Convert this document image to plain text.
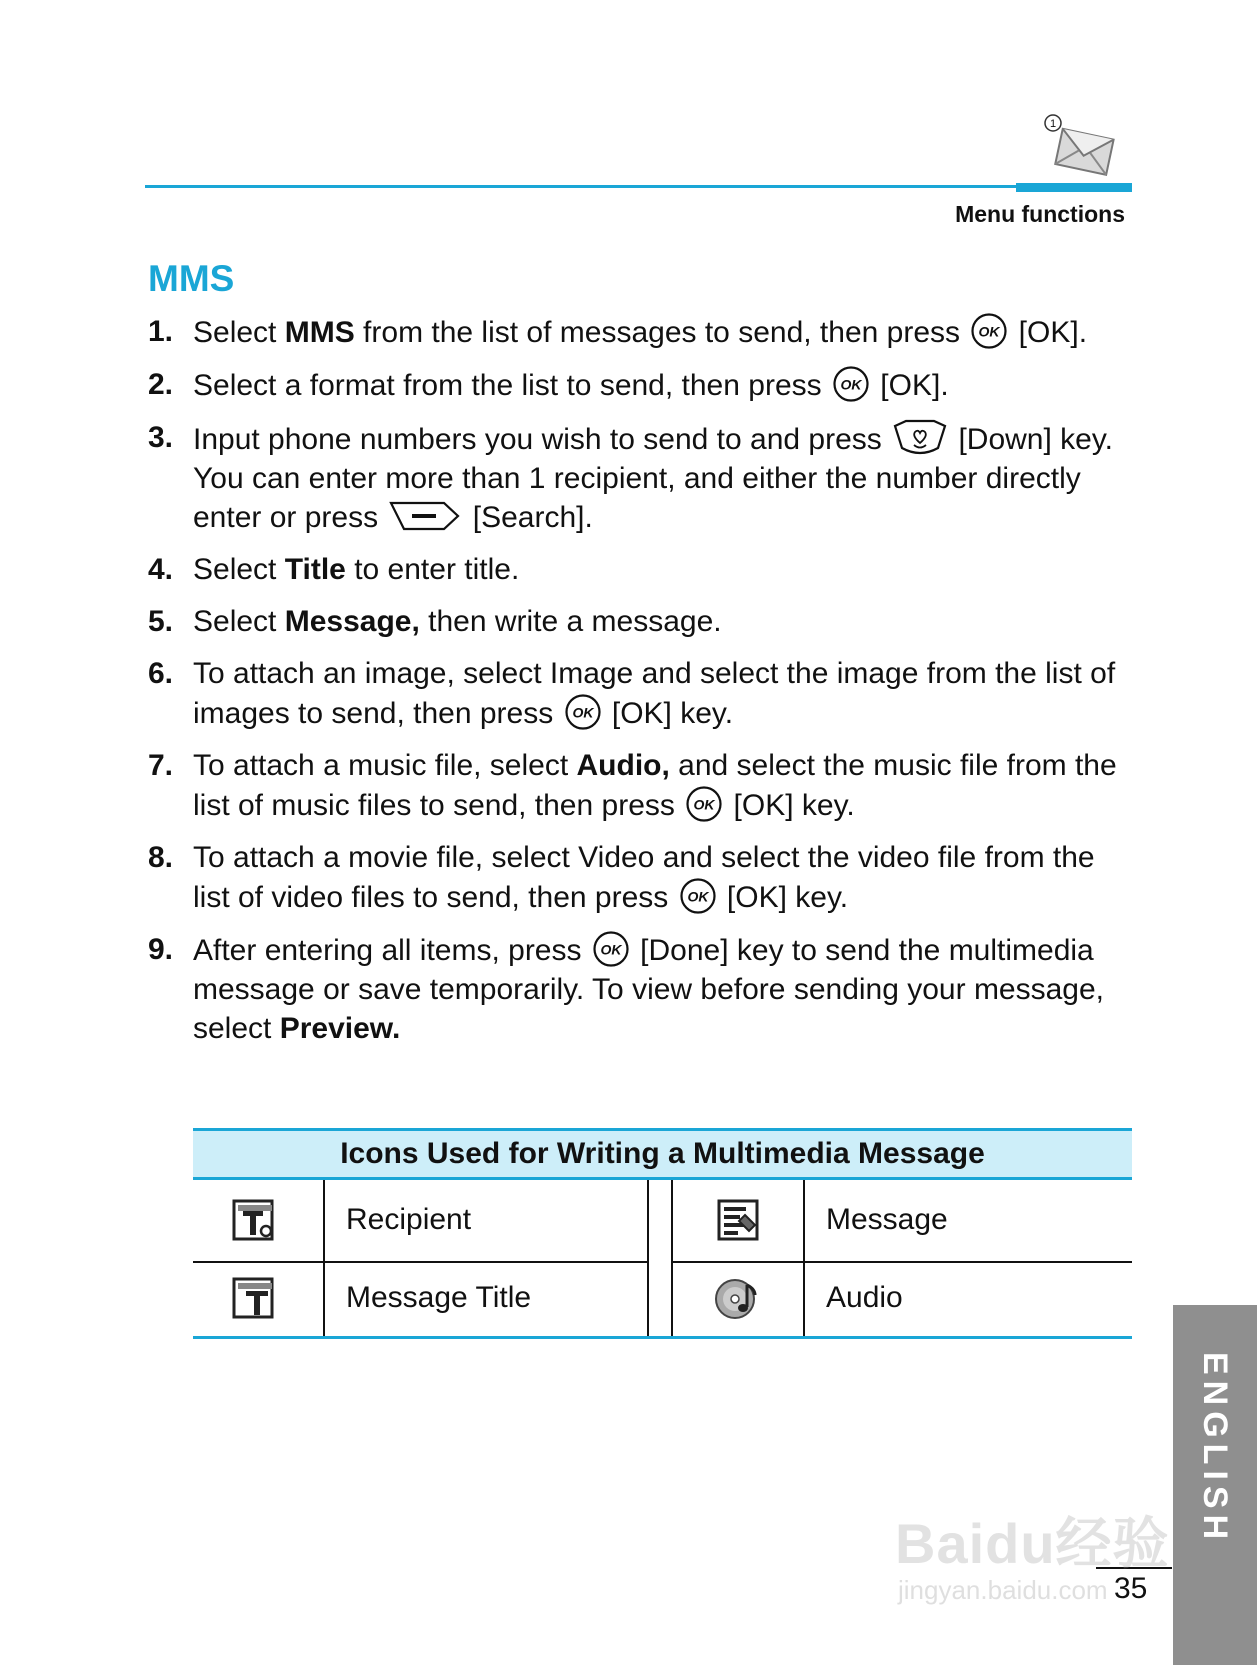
1
Menu functions
MMS
1. Select MMS from the list of messages to send, then press OK [OK].
2. Select a format from the list to send, then press OK [OK].
3. Input phone numbers you wish to send to and press  [Down] key. You can enter more than 1 recipient, and either the number directly enter or press	[Search].
4. Select Title to enter title.
5. Select Message, then write a message.
6. To attach an image, select Image and select the image from the list of images to send, then press OK [OK] key.
7. To attach a music file, select Audio, and select the music file from the list of music files to send, then press OK [OK] key.
8. To attach a movie file, select Video and select the video file from the list of video files to send, then press OK [OK] key.
9. After entering all items, press OK [Done] key to send the multimedia message or save temporarily. To view before sending your message, select Preview.
Icons Used for Writing a Multimedia Message
Recipient	Message
Message Title	Audio
ENGLISH
35
Baidu经验
jingyan.baidu.com
